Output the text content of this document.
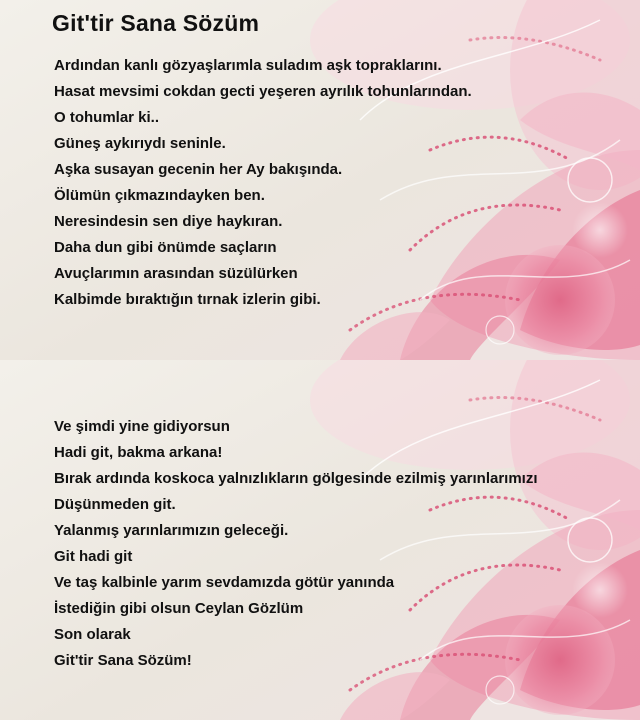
Git'tir Sana Sözüm
Ardından kanlı gözyaşlarımla suladım aşk topraklarını.
Hasat mevsimi cokdan gecti yeşeren ayrılık tohunlarından.
O tohumlar ki..
Güneş aykırıydı seninle.
Aşka susayan gecenin her Ay bakışında.
Ölümün çıkmazındayken ben.
Neresindesin sen diye haykıran.
Daha dun gibi önümde saçların
Avuçlarımın arasından süzülürken
Kalbimde bıraktığın tırnak izlerin gibi.
Ve şimdi yine gidiyorsun
Hadi git, bakma arkana!
Bırak ardında koskoca yalnızlıkların gölgesinde ezilmiş yarınlarımızı
Düşünmeden git.
Yalanmış yarınlarımızın geleceği.
Git hadi git
Ve taş kalbinle yarım sevdamızda götür yanında
İstediğin gibi olsun Ceylan Gözlüm
Son olarak
Git'tir Sana Sözüm!
